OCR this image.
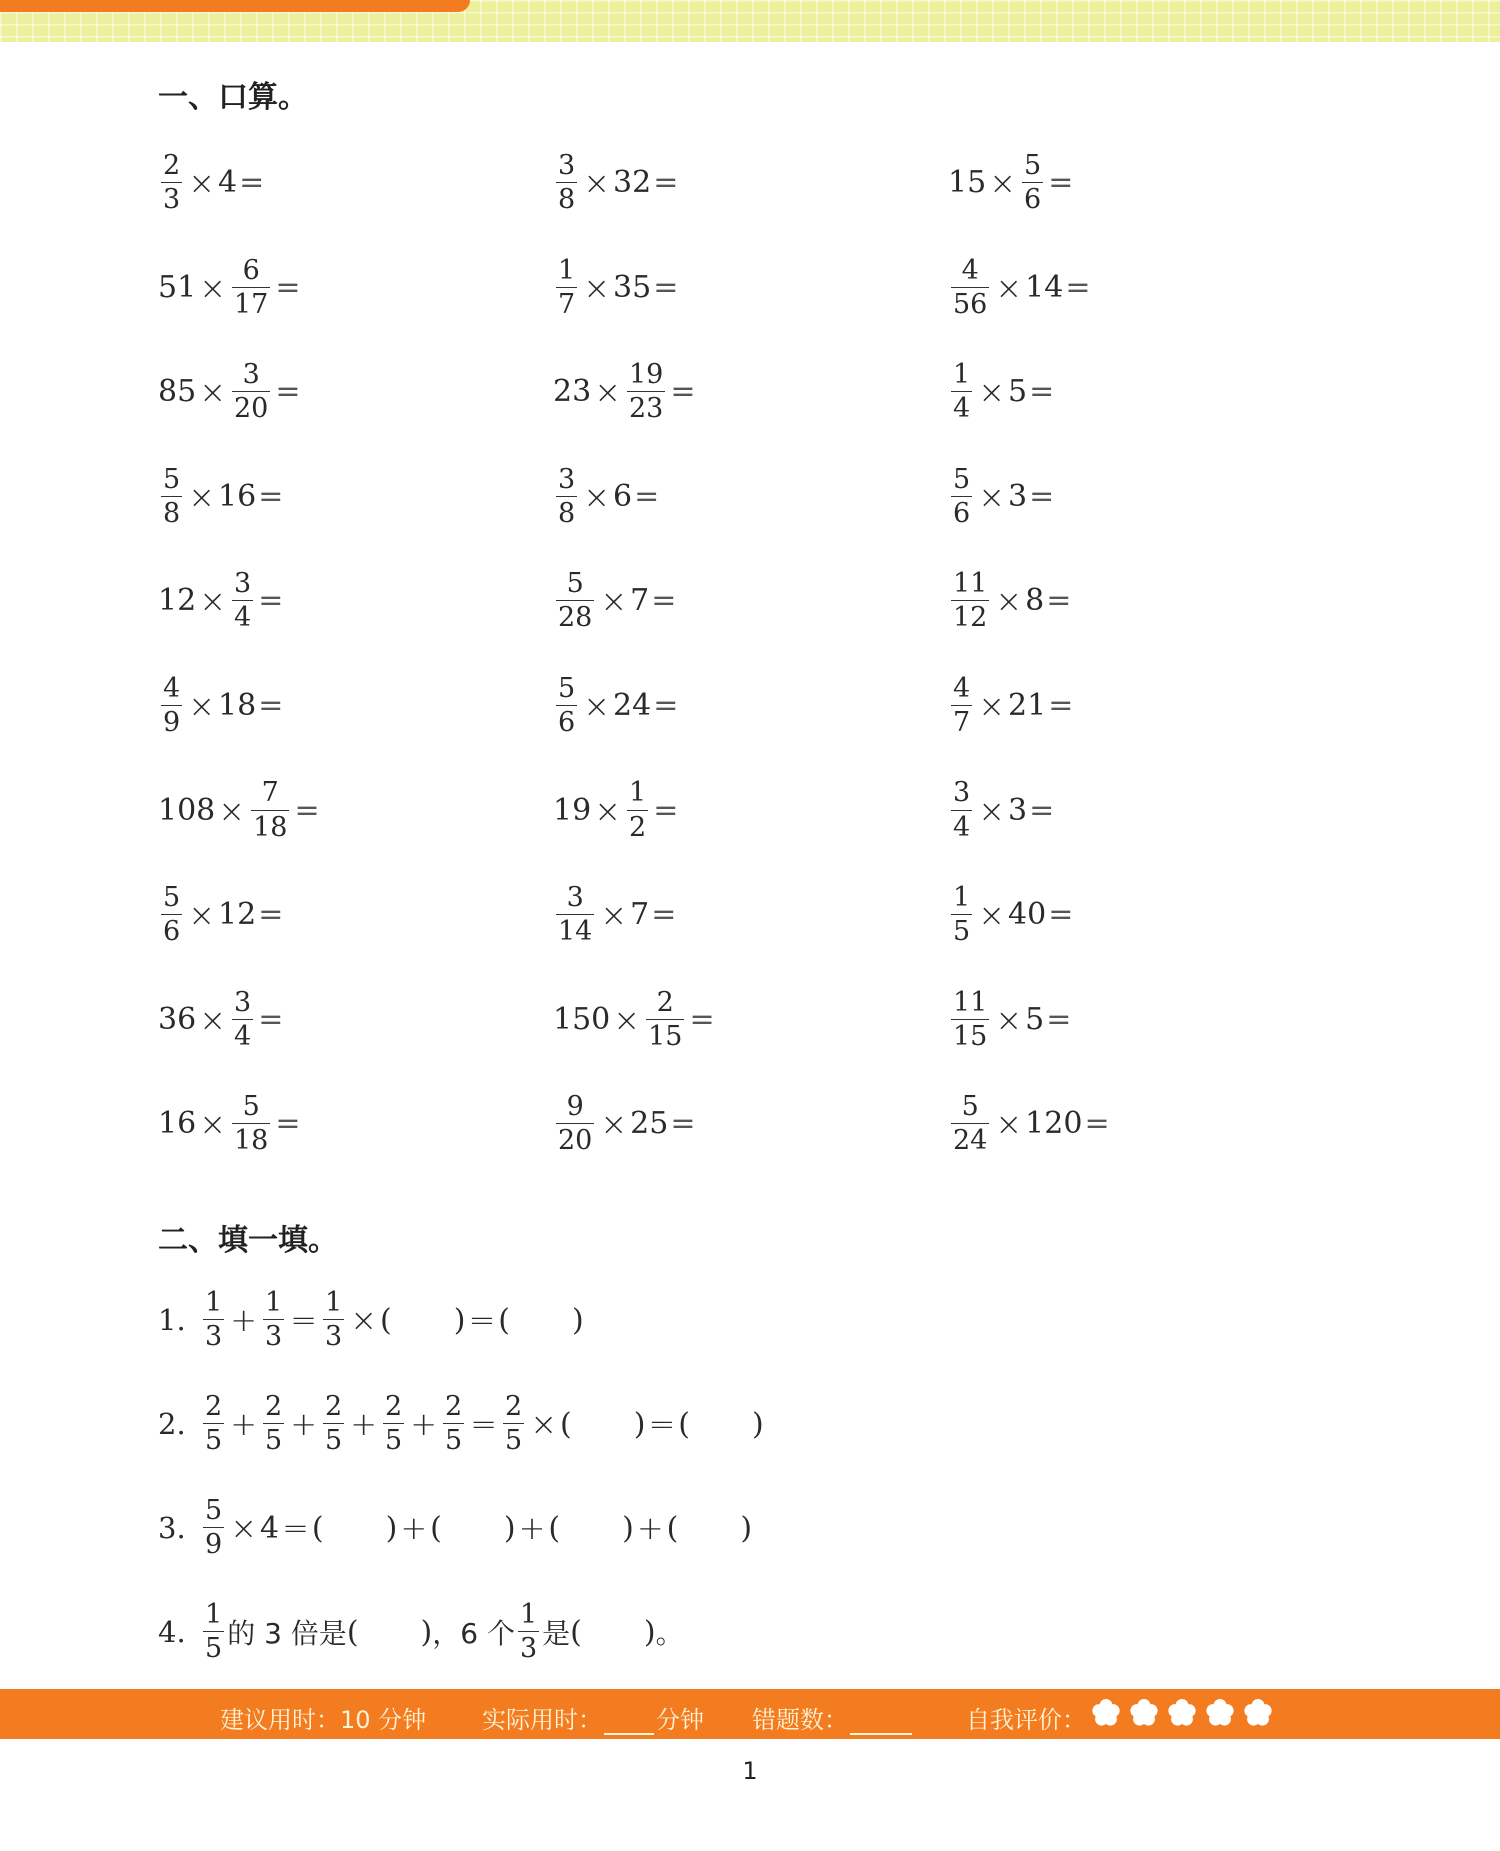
一、口算。
$\frac{2}{3} \times 4$ =	$\frac{3}{8} \times 32$ =	$15 \times \frac{5}{6}$ =
$51 \times \frac{6}{17}$ =	$\frac{1}{7} \times 35$ =	$\frac{4}{56} \times 14$ =
$85 \times \frac{3}{20}$ =	$23 \times \frac{19}{23}$ =	$\frac{1}{4} \times 5$ =
$\frac{5}{8} \times 16$ =	$\frac{3}{8} \times 6$ =	$\frac{5}{6} \times 3$ =
$12 \times \frac{3}{4}$ =	$\frac{5}{28} \times 7$ =	$\frac{11}{12} \times 8$ =
$\frac{4}{9} \times 18$ =	$\frac{5}{6} \times 24$ =	$\frac{4}{7} \times 21$ =
$108 \times \frac{7}{18}$ =	$19 \times \frac{1}{2}$ =	$\frac{3}{4} \times 3$ =
$\frac{5}{6} \times 12$ =	$\frac{3}{14} \times 7$ =	$\frac{1}{5} \times 40$ =
$36 \times \frac{3}{4}$ =	$150 \times \frac{2}{15}$ =	$\frac{11}{15} \times 5$ =
$16 \times \frac{5}{18}$ =	$\frac{9}{20} \times 25$ =	$\frac{5}{24} \times 120$ =
二、填一填。
1. $\frac{1}{3} + \frac{1}{3} = \frac{1}{3}$ × ( ) = ( )
2. $\frac{2}{5} + \frac{2}{5} + \frac{2}{5} + \frac{2}{5} + \frac{2}{5} = \frac{2}{5}$ × ( ) = ( )
3. $\frac{5}{9} \times 4$ = ( ) + ( ) + ( ) + ( )
4. $\frac{1}{5}$ 的 3 倍是 ( ) ，6 个 $\frac{1}{3}$ 是 ( ) 。
建议用时：10 分钟 实际用时： 分钟 错题数：	自我评价：
1
